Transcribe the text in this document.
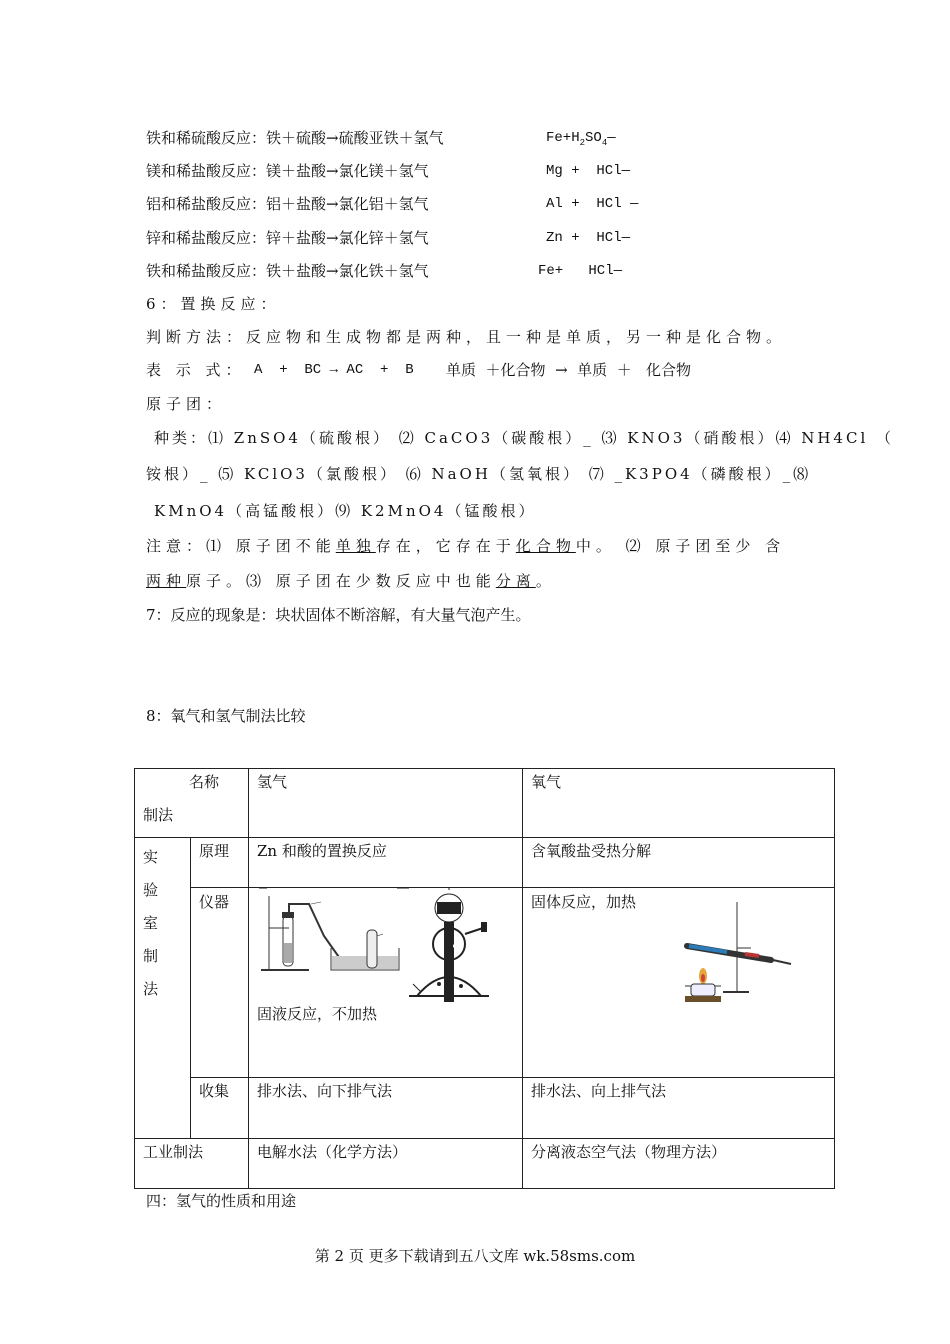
铁和稀硫酸反应：铁＋硫酸→硫酸亚铁＋氢气	$Fe+H_2SO_4—$
镁和稀盐酸反应：镁＋盐酸→氯化镁＋氢气	Mg +  HCl—
铝和稀盐酸反应：铝＋盐酸→氯化铝＋氢气	Al +  HCl —
锌和稀盐酸反应：锌＋盐酸→氯化锌＋氢气	Zn +  HCl—
铁和稀盐酸反应：铁＋盐酸→氯化铁＋氢气	Fe+   HCl—
6：置换反应：
判断方法：反应物和生成物都是两种，且一种是单质，另一种是化合物。
表 示 式： A  +  BC → AC  +  B 单质  ＋化合物  →  单质  ＋   化合物
原子团：
种类：⑴ ZnSO4（硫酸根） ⑵ CaCO3（碳酸根）_ ⑶ KNO3（硝酸根）⑷ NH4Cl （
铵根）_ ⑸ KClO3（氯酸根） ⑹ NaOH（氢氧根） ⑺ _K3PO4（磷酸根）_⑻
KMnO4（高锰酸根）⑼ K2MnO4（锰酸根）
注意：⑴ 原子团不能单独存在，它存在于化合物中。 ⑵ 原子团至少 含
两种原子。⑶ 原子团在少数反应中也能分离。
7：反应的现象是：块状固体不断溶解，有大量气泡产生。
8：氧气和氢气制法比较
名称
制法		氢气	氧气

实
验
室
制
法	原理	Zn 和酸的置换反应	含氧酸盐受热分解
	仪器	固液反应，不加热	固体反应，加热

	收集	排水法、向下排气法	排水法、向上排气法
工业制法		电解水法（化学方法）	分离液态空气法（物理方法）
四：氢气的性质和用途
第 2 页 更多下载请到五八文库 wk.58sms.com
